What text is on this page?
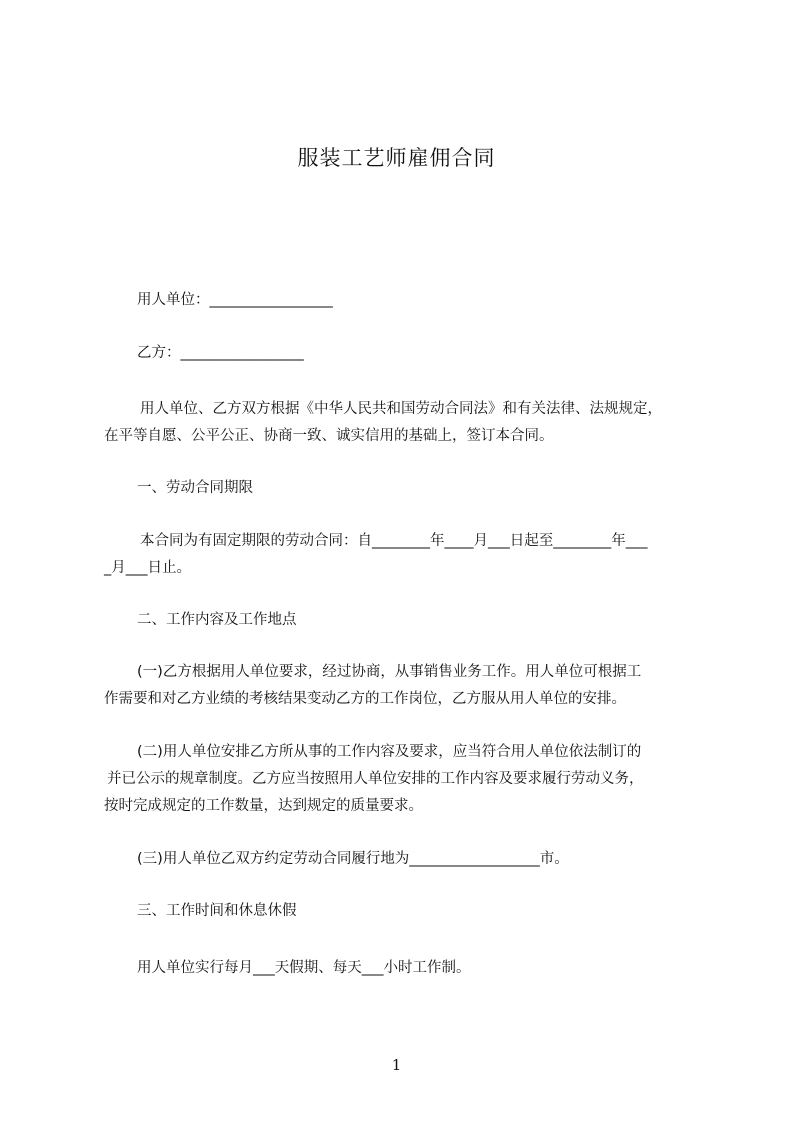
服装工艺师雇佣合同
用人单位：_________________
乙方：_________________
用人单位、乙方双方根据《中华人民共和国劳动合同法》和有关法律、法规规定，
在平等自愿、公平公正、协商一致、诚实信用的基础上，签订本合同。
一、劳动合同期限
本合同为有固定期限的劳动合同：自________年____月___日起至________年___
_月___日止。
二、工作内容及工作地点
(一)乙方根据用人单位要求，经过协商，从事销售业务工作。用人单位可根据工
作需要和对乙方业绩的考核结果变动乙方的工作岗位，乙方服从用人单位的安排。
(二)用人单位安排乙方所从事的工作内容及要求，应当符合用人单位依法制订的
并已公示的规章制度。乙方应当按照用人单位安排的工作内容及要求履行劳动义务，
按时完成规定的工作数量，达到规定的质量要求。
(三)用人单位乙双方约定劳动合同履行地为__________________市。
三、工作时间和休息休假
用人单位实行每月___天假期、每天___小时工作制。
1
